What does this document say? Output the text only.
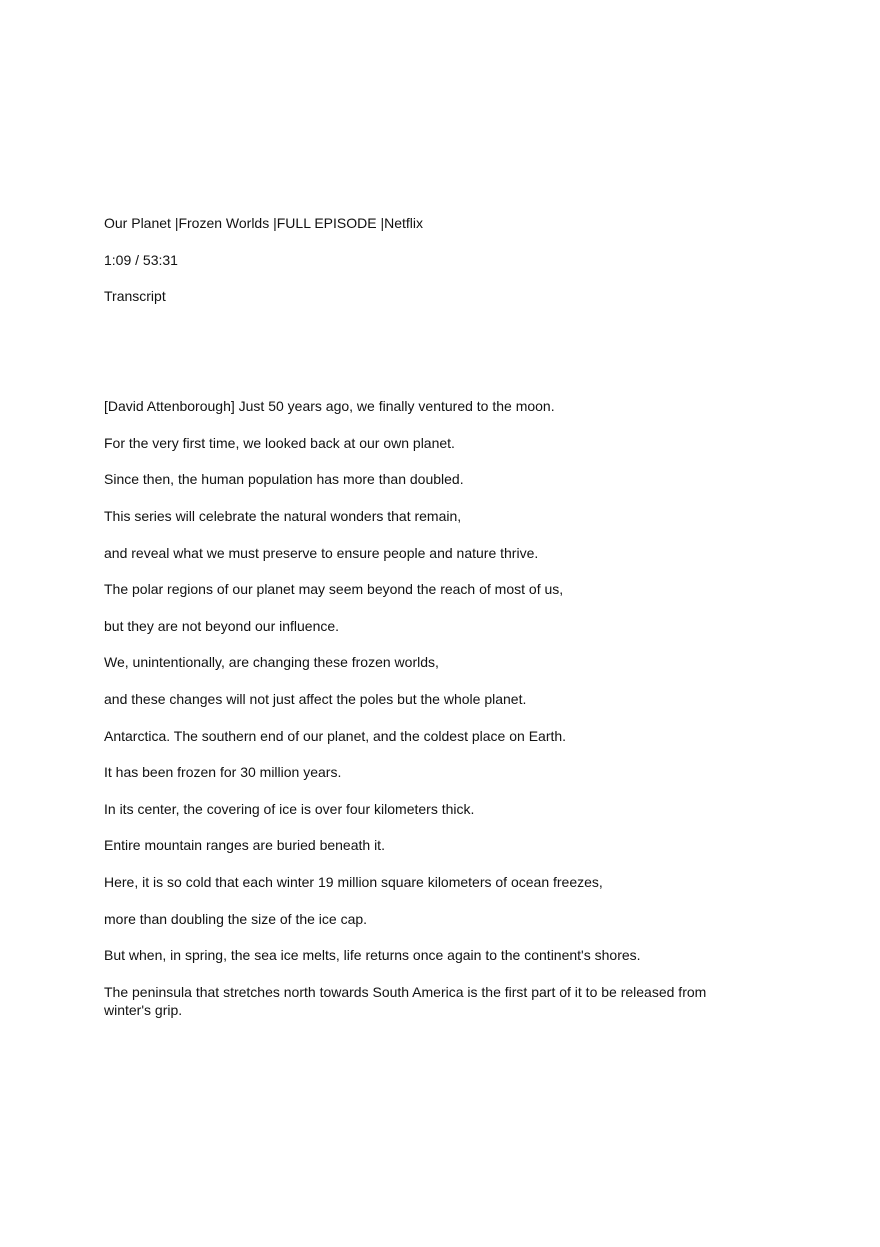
Our Planet |Frozen Worlds |FULL EPISODE |Netflix

1:09 / 53:31

Transcript

[David Attenborough] Just 50 years ago, we finally ventured to the moon.

For the very first time, we looked back at our own planet.

Since then, the human population has more than doubled.

This series will celebrate the natural wonders that remain,

and reveal what we must preserve to ensure people and nature thrive.

The polar regions of our planet may seem beyond the reach of most of us,

but they are not beyond our influence.

We, unintentionally, are changing these frozen worlds,

and these changes will not just affect the poles but the whole planet.

Antarctica. The southern end of our planet, and the coldest place on Earth.

It has been frozen for 30 million years.

In its center, the covering of ice is over four kilometers thick.

Entire mountain ranges are buried beneath it.

Here, it is so cold that each winter 19 million square kilometers of ocean freezes,

more than doubling the size of the ice cap.

But when, in spring, the sea ice melts, life returns once again to the continent's shores.

The peninsula that stretches north towards South America is the first part of it to be released from winter's grip.
